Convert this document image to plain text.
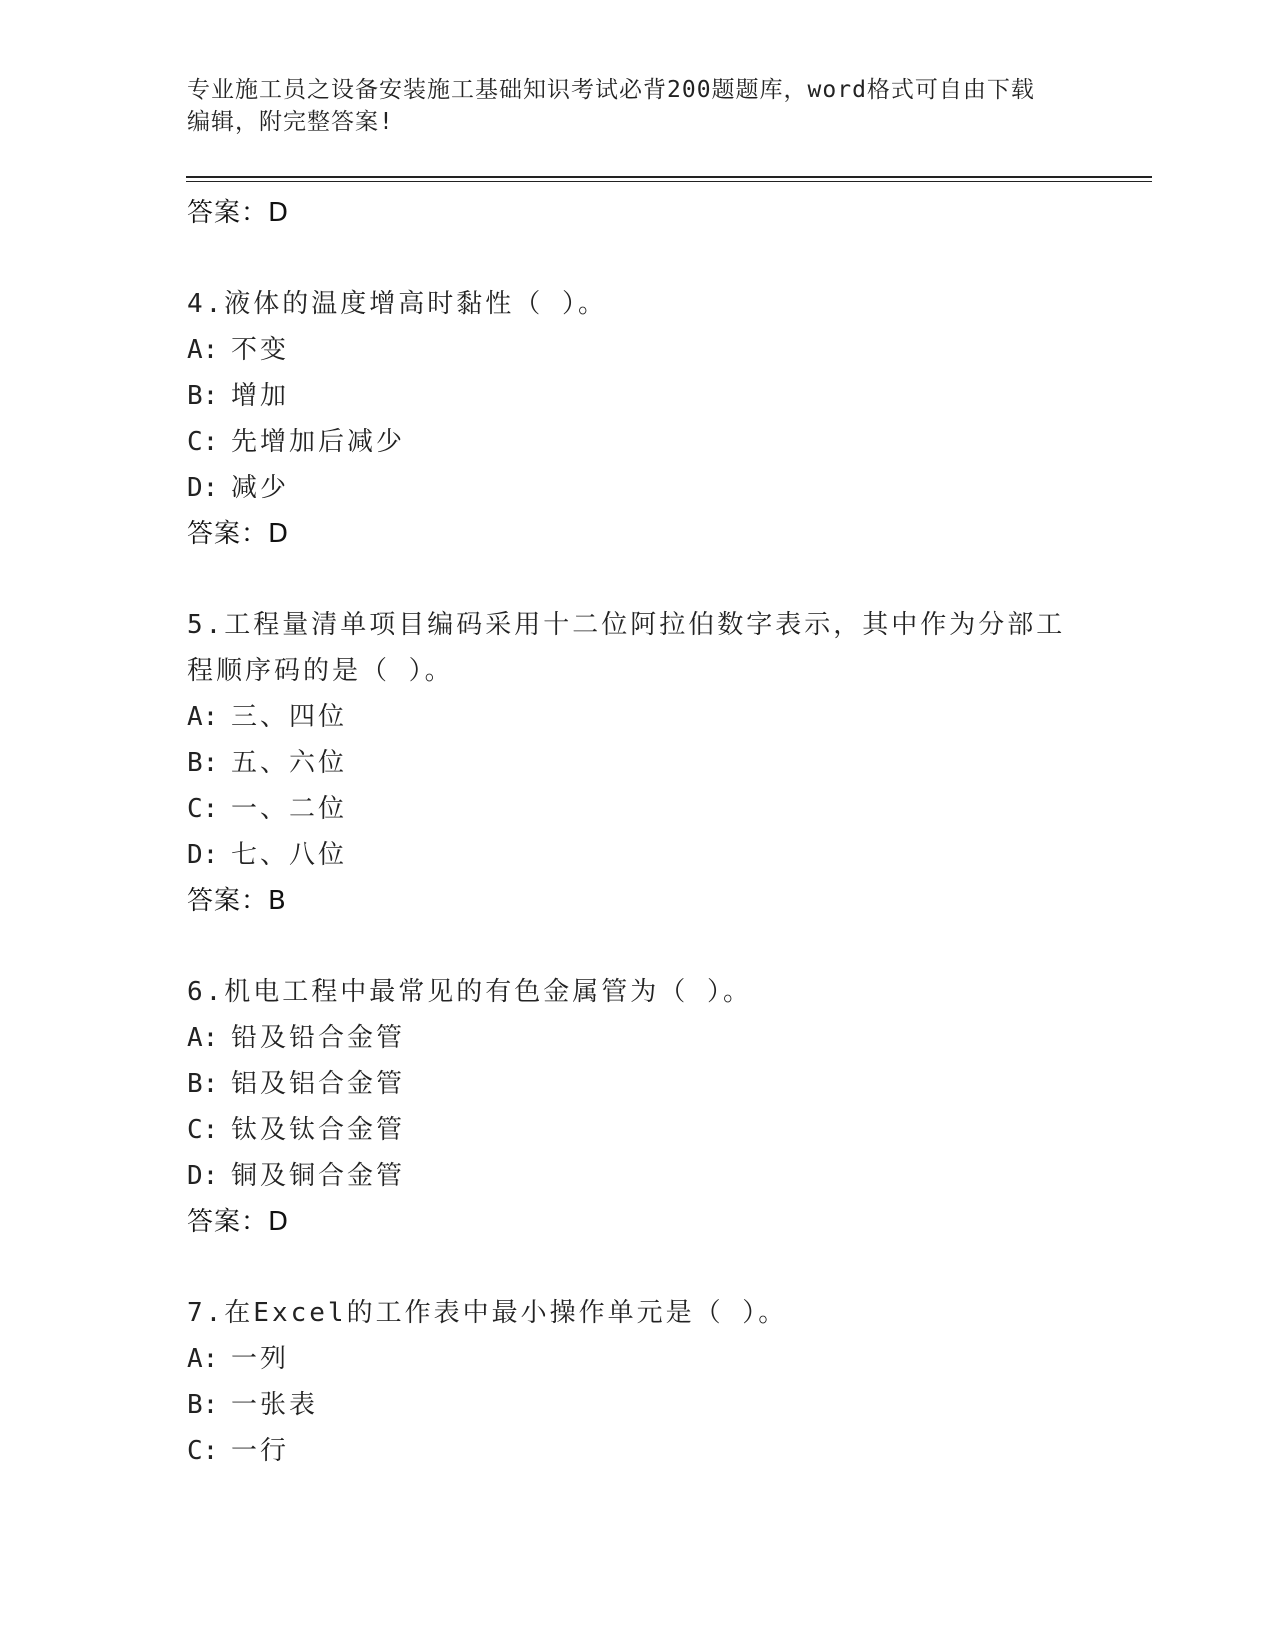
专业施工员之设备安装施工基础知识考试必背200题题库，word格式可自由下载
编辑，附完整答案!
答案：D
4.液体的温度增高时黏性（ ）。
A: 不变
B: 增加
C: 先增加后减少
D: 减少
答案：D
5.工程量清单项目编码采用十二位阿拉伯数字表示，其中作为分部工
程顺序码的是（ ）。
A: 三、四位
B: 五、六位
C: 一、二位
D: 七、八位
答案：B
6.机电工程中最常见的有色金属管为（ ）。
A: 铅及铅合金管
B: 铝及铝合金管
C: 钛及钛合金管
D: 铜及铜合金管
答案：D
7.在Excel的工作表中最小操作单元是（ ）。
A: 一列
B: 一张表
C: 一行
